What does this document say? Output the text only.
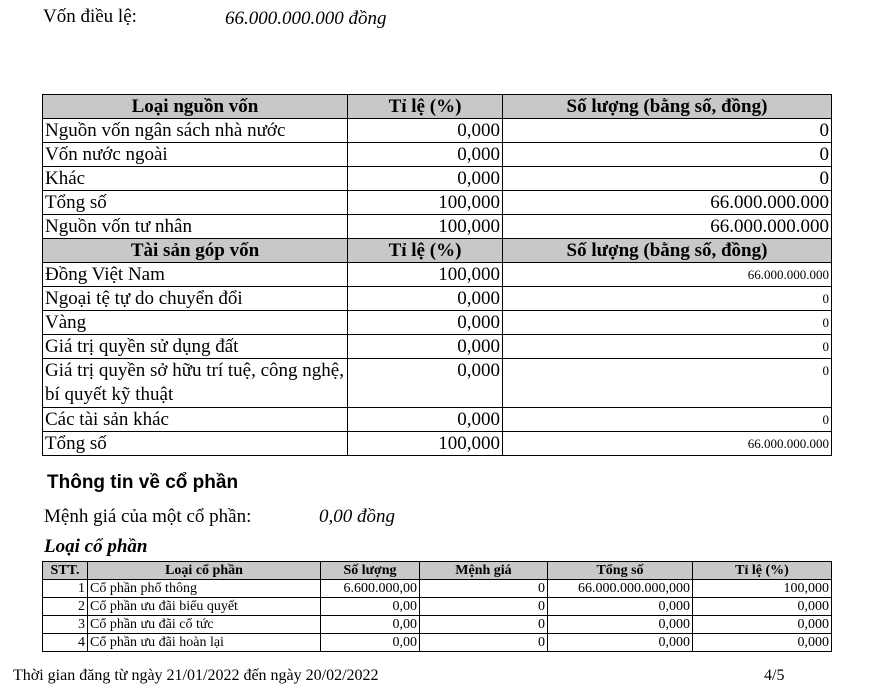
Vốn điều lệ:	66.000.000.000 đồng
Loại nguồn vốn	Tỉ lệ (%)	Số lượng (bằng số, đồng)
Nguồn vốn ngân sách nhà nước	0,000	0
Vốn nước ngoài	0,000	0
Khác	0,000	0
Tổng số	100,000	66.000.000.000
Nguồn vốn tư nhân	100,000	66.000.000.000
Tài sản góp vốn	Tỉ lệ (%)	Số lượng (bằng số, đồng)
Đồng Việt Nam	100,000	66.000.000.000
Ngoại tệ tự do chuyển đổi	0,000	0
Vàng	0,000	0
Giá trị quyền sử dụng đất	0,000	0
Giá trị quyền sở hữu trí tuệ, công nghệ, bí quyết kỹ thuật	0,000	0
Các tài sản khác	0,000	0
Tổng số	100,000	66.000.000.000
Thông tin về cổ phần
Mệnh giá của một cổ phần:	0,00 đồng
Loại cổ phần
STT.	Loại cổ phần	Số lượng	Mệnh giá	Tổng số	Tỉ lệ (%)
1	Cổ phần phổ thông	6.600.000,00	0	66.000.000.000,000	100,000
2	Cổ phần ưu đãi biểu quyết	0,00	0	0,000	0,000
3	Cổ phần ưu đãi cổ tức	0,00	0	0,000	0,000
4	Cổ phần ưu đãi hoàn lại	0,00	0	0,000	0,000
Thời gian đăng từ ngày 21/01/2022 đến ngày 20/02/2022	4/5
